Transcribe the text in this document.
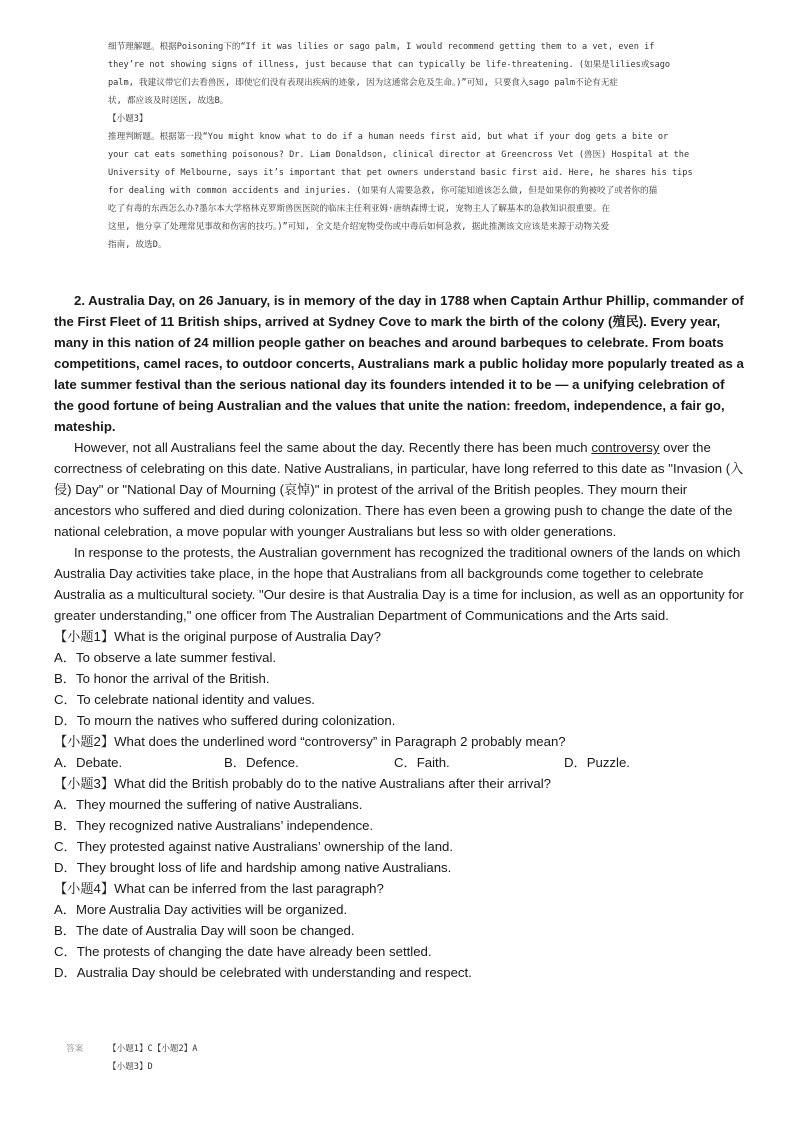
细节理解题。根据Poisoning下的“If it was lilies or sago palm, I would recommend getting them to a vet, even if

they’re not showing signs of illness, just because that can typically be life-threatening. (如果是lilies或sago

palm, 我建议带它们去看兽医, 即使它们没有表现出疾病的迹象, 因为这通常会危及生命。)”可知, 只要食入sago palm不论有无症

状, 都应该及时送医, 故选B。

【小题3】

推理判断题。根据第一段“You might know what to do if a human needs first aid, but what if your dog gets a bite or

your cat eats something poisonous? Dr. Liam Donaldson, clinical director at Greencross Vet (兽医) Hospital at the

University of Melbourne, says it’s important that pet owners understand basic first aid. Here, he shares his tips

for dealing with common accidents and injuries. (如果有人需要急救, 你可能知道该怎么做, 但是如果你的狗被咬了或者你的猫

吃了有毒的东西怎么办?墨尔本大学格林克罗斯兽医医院的临床主任利亚姆·唐纳森博士说, 宠物主人了解基本的急救知识很重要。在

这里, 他分享了处理常见事故和伤害的技巧。)”可知, 全文是介绍宠物受伤或中毒后如何急救, 据此推测该文应该是来源于动物关爱

指南, 故选D。

2. Australia Day, on 26 January, is in memory of the day in 1788 when Captain Arthur Phillip, commander of the First Fleet of 11 British ships, arrived at Sydney Cove to mark the birth of the colony (殖民). Every year, many in this nation of 24 million people gather on beaches and around barbeques to celebrate. From boats competitions, camel races, to outdoor concerts, Australians mark a public holiday more popularly treated as a late summer festival than the serious national day its founders intended it to be — a unifying celebration of the good fortune of being Australian and the values that unite the nation: freedom, independence, a fair go, mateship.

However, not all Australians feel the same about the day. Recently there has been much controversy over the correctness of celebrating on this date. Native Australians, in particular, have long referred to this date as "Invasion (入侵) Day" or "National Day of Mourning (哀悼)" in protest of the arrival of the British peoples. They mourn their ancestors who suffered and died during colonization. There has even been a growing push to change the date of the national celebration, a move popular with younger Australians but less so with older generations.

In response to the protests, the Australian government has recognized the traditional owners of the lands on which Australia Day activities take place, in the hope that Australians from all backgrounds come together to celebrate Australia as a multicultural society. "Our desire is that Australia Day is a time for inclusion, as well as an opportunity for greater understanding," one officer from The Australian Department of Communications and the Arts said.

【小题1】What is the original purpose of Australia Day?

A．To observe a late summer festival.

B．To honor the arrival of the British.

C．To celebrate national identity and values.

D．To mourn the natives who suffered during colonization.

【小题2】What does the underlined word “controversy” in Paragraph 2 probably mean?

A．Debate.	B．Defence.	C．Faith.	D．Puzzle.

【小题3】What did the British probably do to the native Australians after their arrival?

A．They mourned the suffering of native Australians.

B．They recognized native Australians’ independence.

C．They protested against native Australians’ ownership of the land.

D．They brought loss of life and hardship among native Australians.

【小题4】What can be inferred from the last paragraph?

A．More Australia Day activities will be organized.

B．The date of Australia Day will soon be changed.

C．The protests of changing the date have already been settled.

D．Australia Day should be celebrated with understanding and respect.

答案	【小题1】C【小题2】A

【小题3】D
